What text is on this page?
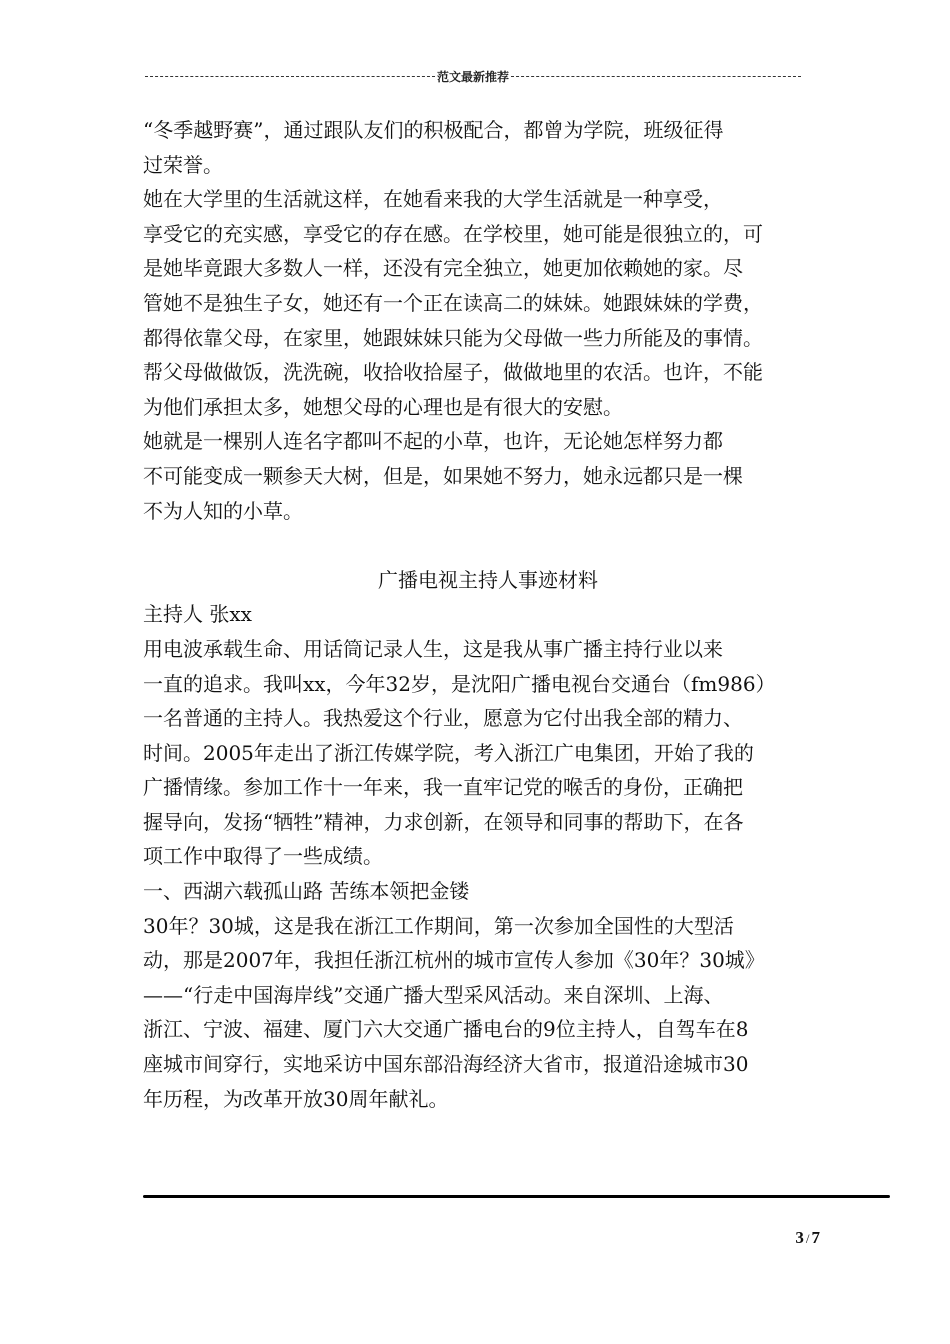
范文最新推荐
“冬季越野赛”，通过跟队友们的积极配合，都曾为学院，班级征得
过荣誉。
她在大学里的生活就这样，在她看来我的大学生活就是一种享受，
享受它的充实感，享受它的存在感。在学校里，她可能是很独立的，可
是她毕竟跟大多数人一样，还没有完全独立，她更加依赖她的家。尽
管她不是独生子女，她还有一个正在读高二的妹妹。她跟妹妹的学费，
都得依靠父母，在家里，她跟妹妹只能为父母做一些力所能及的事情。
帮父母做做饭，洗洗碗，收拾收拾屋子，做做地里的农活。也许，不能
为他们承担太多，她想父母的心理也是有很大的安慰。
她就是一棵别人连名字都叫不起的小草，也许，无论她怎样努力都
不可能变成一颗参天大树，但是，如果她不努力，她永远都只是一棵
不为人知的小草。
广播电视主持人事迹材料
主持人 张xx
用电波承载生命、用话筒记录人生，这是我从事广播主持行业以来
一直的追求。我叫xx，今年32岁，是沈阳广播电视台交通台（fm986）
一名普通的主持人。我热爱这个行业，愿意为它付出我全部的精力、
时间。2005年走出了浙江传媒学院，考入浙江广电集团，开始了我的
广播情缘。参加工作十一年来，我一直牢记党的喉舌的身份，正确把
握导向，发扬“牺牲”精神，力求创新，在领导和同事的帮助下，在各
项工作中取得了一些成绩。
一、西湖六载孤山路 苦练本领把金镂
30年？30城，这是我在浙江工作期间，第一次参加全国性的大型活
动，那是2007年，我担任浙江杭州的城市宣传人参加《30年？30城》
——“行走中国海岸线”交通广播大型采风活动。来自深圳、上海、
浙江、宁波、福建、厦门六大交通广播电台的9位主持人，自驾车在8
座城市间穿行，实地采访中国东部沿海经济大省市，报道沿途城市30
年历程，为改革开放30周年献礼。
3 / 7
